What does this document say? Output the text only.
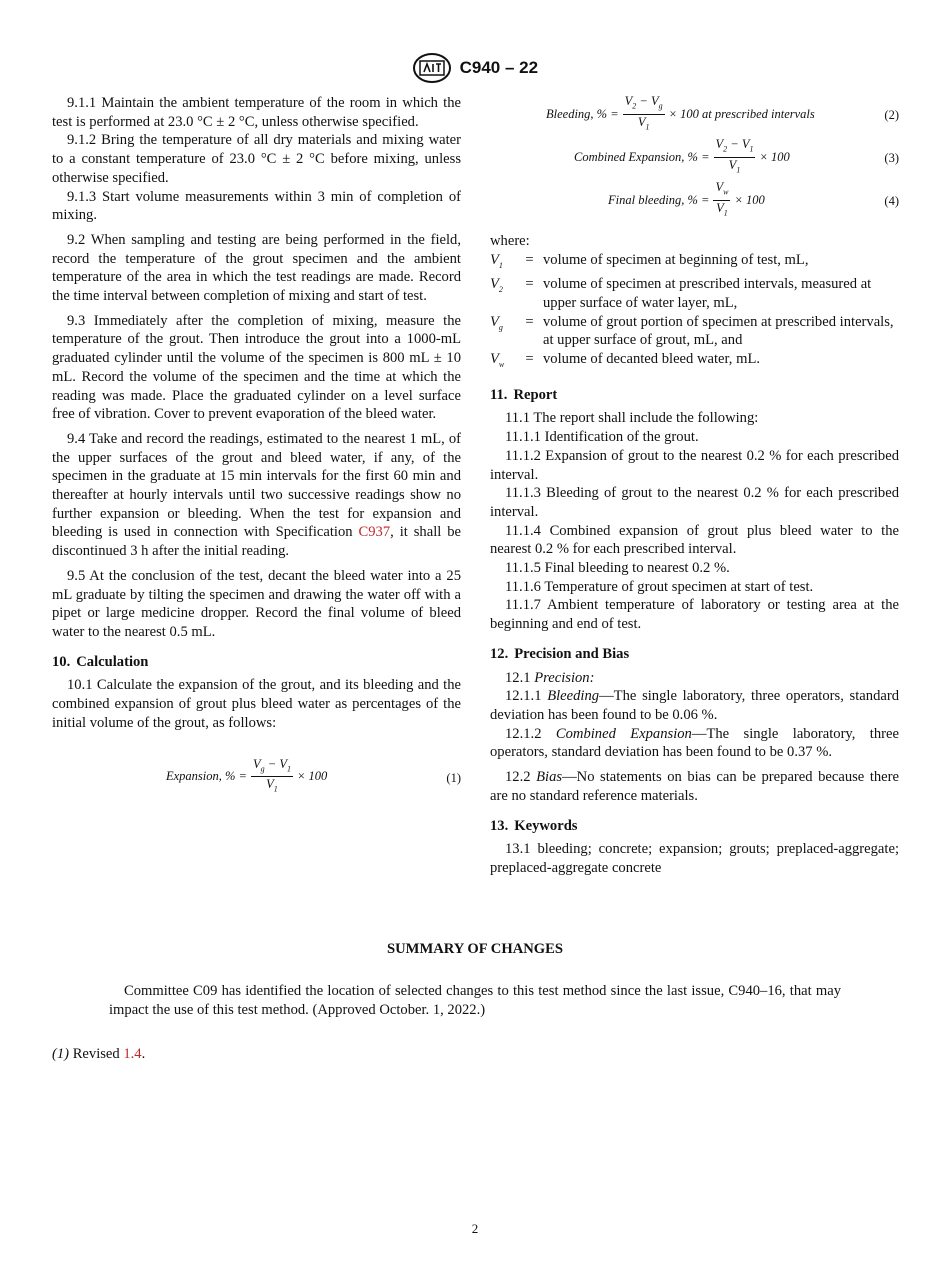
C940 – 22

9.1.1 Maintain the ambient temperature of the room in which the test is performed at 23.0 °C ± 2 °C, unless otherwise specified.

9.1.2 Bring the temperature of all dry materials and mixing water to a constant temperature of 23.0 °C ± 2 °C before mixing, unless otherwise specified.

9.1.3 Start volume measurements within 3 min of completion of mixing.

9.2 When sampling and testing are being performed in the field, record the temperature of the grout specimen and the ambient temperature of the area in which the test readings are made. Record the time interval between completion of mixing and start of test.

9.3 Immediately after the completion of mixing, measure the temperature of the grout. Then introduce the grout into a 1000-mL graduated cylinder until the volume of the specimen is 800 mL ± 10 mL. Record the volume of the specimen and the time at which the reading was made. Place the graduated cylinder on a level surface free of vibration. Cover to prevent evaporation of the bleed water.

9.4 Take and record the readings, estimated to the nearest 1 mL, of the upper surfaces of the grout and bleed water, if any, of the specimen in the graduate at 15 min intervals for the first 60 min and thereafter at hourly intervals until two successive readings show no further expansion or bleeding. When the test for expansion and bleeding is used in connection with Specification C937, it shall be discontinued 3 h after the initial reading.

9.5 At the conclusion of the test, decant the bleed water into a 25 mL graduate by tilting the specimen and drawing the water off with a pipet or large medicine dropper. Record the final volume of bleed water to the nearest 0.5 mL.

10. Calculation

10.1 Calculate the expansion of the grout, and its bleeding and the combined expansion of grout plus bleed water as percentages of the initial volume of the grout, as follows:

Expansion, % = $\frac{V_g - V_1}{V_1} \times 100$	(1)
Bleeding, % = $\frac{V_2 - V_g}{V_1} \times 100$ at prescribed intervals	(2)
Combined Expansion, % = $\frac{V_2 - V_1}{V_1} \times 100$	(3)
Final bleeding, % = $\frac{V_w}{V_1} \times 100$	(4)

where:

$V_1$	= volume of specimen at beginning of test, mL,
$V_2$	= volume of specimen at prescribed intervals, measured at upper surface of water layer, mL,
$V_g$	= volume of grout portion of specimen at prescribed intervals, at upper surface of grout, mL, and
$V_w$	= volume of decanted bleed water, mL.
11. Report

11.1 The report shall include the following:

11.1.1 Identification of the grout.

11.1.2 Expansion of grout to the nearest 0.2 % for each prescribed interval.

11.1.3 Bleeding of grout to the nearest 0.2 % for each prescribed interval.

11.1.4 Combined expansion of grout plus bleed water to the nearest 0.2 % for each prescribed interval.

11.1.5 Final bleeding to nearest 0.2 %.

11.1.6 Temperature of grout specimen at start of test.

11.1.7 Ambient temperature of laboratory or testing area at the beginning and end of test.

12. Precision and Bias

12.1 Precision:

12.1.1 Bleeding—The single laboratory, three operators, standard deviation has been found to be 0.06 %.

12.1.2 Combined Expansion—The single laboratory, three operators, standard deviation has been found to be 0.37 %.

12.2 Bias—No statements on bias can be prepared because there are no standard reference materials.

13. Keywords

13.1 bleeding; concrete; expansion; grouts; preplaced-aggregate; preplaced-aggregate concrete

SUMMARY OF CHANGES

Committee C09 has identified the location of selected changes to this test method since the last issue, C940–16, that may impact the use of this test method. (Approved October. 1, 2022.)

(1) Revised 1.4.

2
